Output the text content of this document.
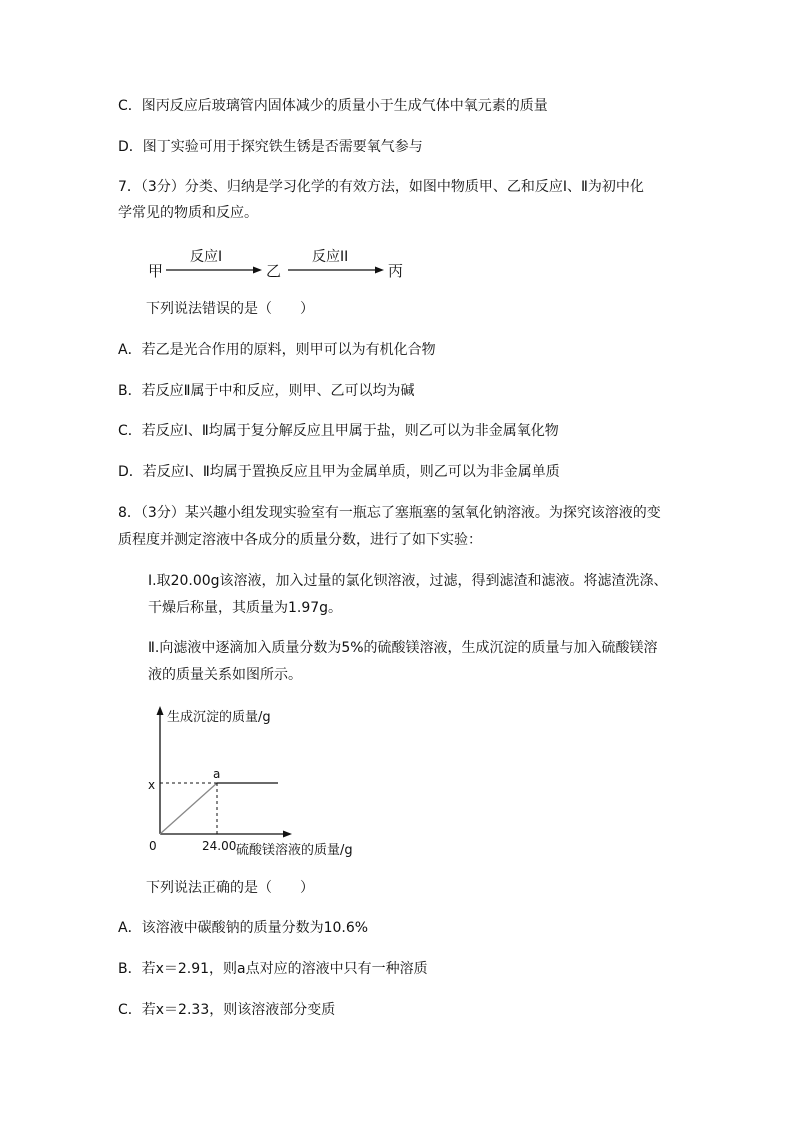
C．图丙反应后玻璃管内固体减少的质量小于生成气体中氧元素的质量
D．图丁实验可用于探究铁生锈是否需要氧气参与
7．（3分）分类、归纳是学习化学的有效方法，如图中物质甲、乙和反应Ⅰ、Ⅱ为初中化
学常见的物质和反应。
甲
反应I
乙
反应II
丙
下列说法错误的是（　　）
A．若乙是光合作用的原料，则甲可以为有机化合物
B．若反应Ⅱ属于中和反应，则甲、乙可以均为碱
C．若反应Ⅰ、Ⅱ均属于复分解反应且甲属于盐，则乙可以为非金属氧化物
D．若反应Ⅰ、Ⅱ均属于置换反应且甲为金属单质，则乙可以为非金属单质
8．（3分）某兴趣小组发现实验室有一瓶忘了塞瓶塞的氢氧化钠溶液。为探究该溶液的变
质程度并测定溶液中各成分的质量分数，进行了如下实验：
Ⅰ.取20.00g该溶液，加入过量的氯化钡溶液，过滤，得到滤渣和滤液。将滤渣洗涤、
干燥后称量，其质量为1.97g。
Ⅱ.向滤液中逐滴加入质量分数为5%的硫酸镁溶液，生成沉淀的质量与加入硫酸镁溶
液的质量关系如图所示。
生成沉淀的质量/g
硫酸镁溶液的质量/g
0	24.00
x
a
下列说法正确的是（　　）
A．该溶液中碳酸钠的质量分数为10.6%
B．若x＝2.91，则a点对应的溶液中只有一种溶质
C．若x＝2.33，则该溶液部分变质
